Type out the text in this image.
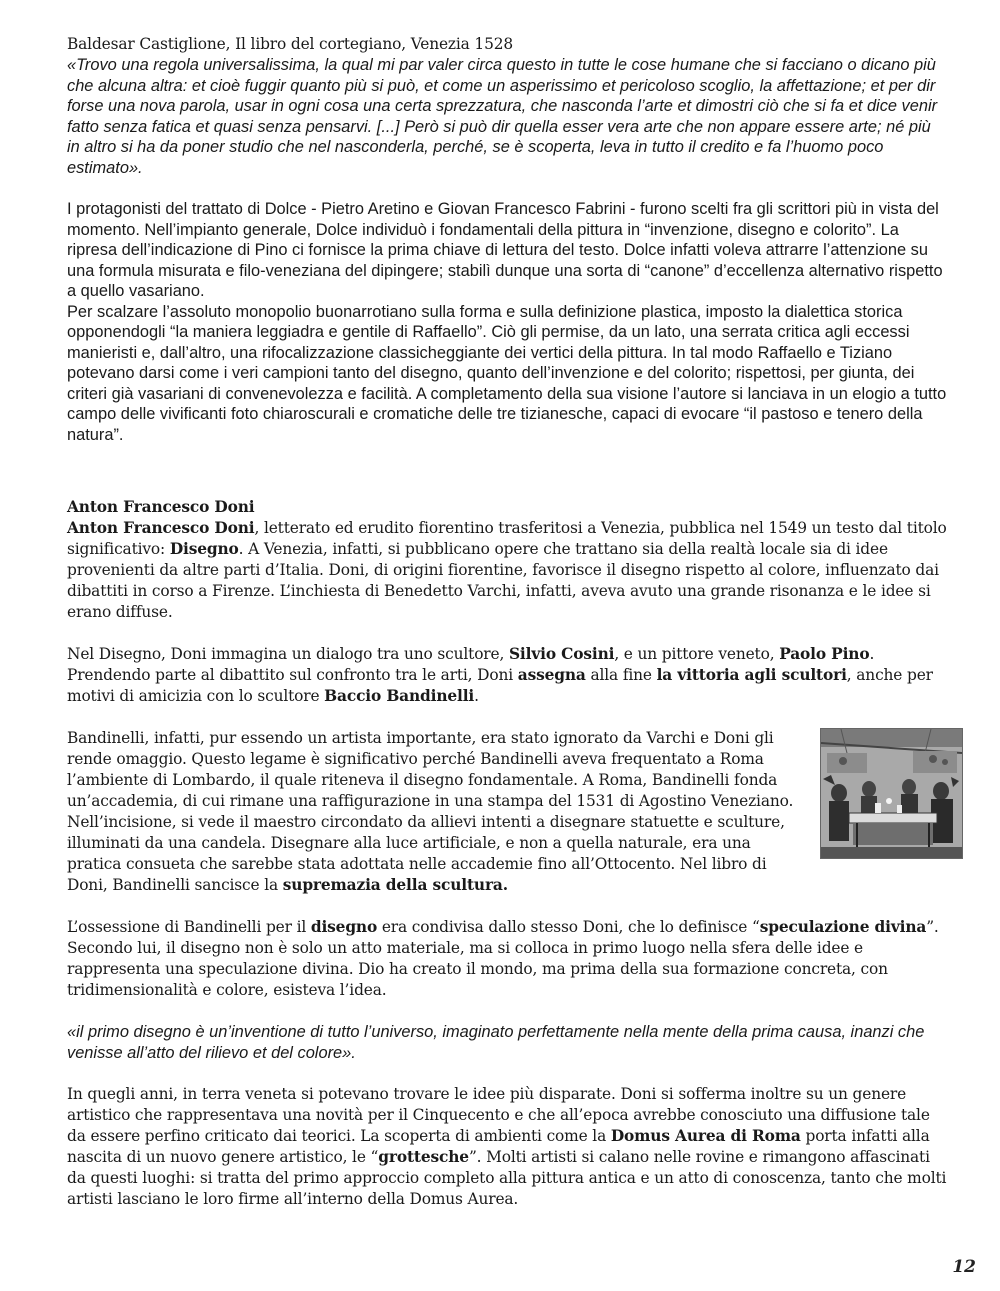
Baldesar Castiglione, Il libro del cortegiano, Venezia 1528

«Trovo una regola universalissima, la qual mi par valer circa questo in tutte le cose humane che si facciano o dicano più che alcuna altra: et cioè fuggir quanto più si può, et come un asperissimo et pericoloso scoglio, la affettazione; et per dir forse una nova parola, usar in ogni cosa una certa sprezzatura, che nasconda l’arte et dimostri ciò che si fa et dice venir fatto senza fatica et quasi senza pensarvi. [...] Però si può dir quella esser vera arte che non appare essere arte; né più in altro si ha da poner studio che nel nasconderla, perché, se è scoperta, leva in tutto il credito e fa l’huomo poco estimato».

I protagonisti del trattato di Dolce - Pietro Aretino e Giovan Francesco Fabrini - furono scelti fra gli scrittori più in vista del momento. Nell’impianto generale, Dolce individuò i fondamentali della pittura in “invenzione, disegno e colorito”. La ripresa dell’indicazione di Pino ci fornisce la prima chiave di lettura del testo. Dolce infatti voleva attrarre l’attenzione su una formula misurata e filo-veneziana del dipingere; stabilì dunque una sorta di “canone” d’eccellenza alternativo rispetto a quello vasariano.

Per scalzare l’assoluto monopolio buonarrotiano sulla forma e sulla definizione plastica, imposto la dialettica storica opponendogli “la maniera leggiadra e gentile di Raffaello”. Ciò gli permise, da un lato, una serrata critica agli eccessi manieristi e, dall’altro, una rifocalizzazione classicheggiante dei vertici della pittura. In tal modo Raffaello e Tiziano potevano darsi come i veri campioni tanto del disegno, quanto dell’invenzione e del colorito; rispettosi, per giunta, dei criteri già vasariani di convenevolezza e facilità. A completamento della sua visione l’autore si lanciava in un elogio a tutto campo delle vivificanti foto chiaroscurali e cromatiche delle tre tizianesche, capaci di evocare “il pastoso e tenero della natura”.

Anton Francesco Doni

Anton Francesco Doni, letterato ed erudito fiorentino trasferitosi a Venezia, pubblica nel 1549 un testo dal titolo significativo: Disegno. A Venezia, infatti, si pubblicano opere che trattano sia della realtà locale sia di idee provenienti da altre parti d’Italia. Doni, di origini fiorentine, favorisce il disegno rispetto al colore, influenzato dai dibattiti in corso a Firenze. L’inchiesta di Benedetto Varchi, infatti, aveva avuto una grande risonanza e le idee si erano diffuse.

Nel Disegno, Doni immagina un dialogo tra uno scultore, Silvio Cosini, e un pittore veneto, Paolo Pino. Prendendo parte al dibattito sul confronto tra le arti, Doni assegna alla fine la vittoria agli scultori, anche per motivi di amicizia con lo scultore Baccio Bandinelli.

Bandinelli, infatti, pur essendo un artista importante, era stato ignorato da Varchi e Doni gli rende omaggio. Questo legame è significativo perché Bandinelli aveva frequentato a Roma l’ambiente di Lombardo, il quale riteneva il disegno fondamentale. A Roma, Bandinelli fonda un’accademia, di cui rimane una raffigurazione in una stampa del 1531 di Agostino Veneziano. Nell’incisione, si vede il maestro circondato da allievi intenti a disegnare statuette e sculture, illuminati da una candela. Disegnare alla luce artificiale, e non a quella naturale, era una pratica consueta che sarebbe stata adottata nelle accademie fino all’Ottocento. Nel libro di Doni, Bandinelli sancisce la supremazia della scultura.

L’ossessione di Bandinelli per il disegno era condivisa dallo stesso Doni, che lo definisce “speculazione divina”. Secondo lui, il disegno non è solo un atto materiale, ma si colloca in primo luogo nella sfera delle idee e rappresenta una speculazione divina. Dio ha creato il mondo, ma prima della sua formazione concreta, con tridimensionalità e colore, esisteva l’idea.

«il primo disegno è un’inventione di tutto l’universo, imaginato perfettamente nella mente della prima causa, inanzi che venisse all’atto del rilievo et del colore».

In quegli anni, in terra veneta si potevano trovare le idee più disparate. Doni si sofferma inoltre su un genere artistico che rappresentava una novità per il Cinquecento e che all’epoca avrebbe conosciuto una diffusione tale da essere perfino criticato dai teorici. La scoperta di ambienti come la Domus Aurea di Roma porta infatti alla nascita di un nuovo genere artistico, le “grottesche”. Molti artisti si calano nelle rovine e rimangono affascinati da questi luoghi: si tratta del primo approccio completo alla pittura antica e un atto di conoscenza, tanto che molti artisti lasciano le loro firme all’interno della Domus Aurea.

12
